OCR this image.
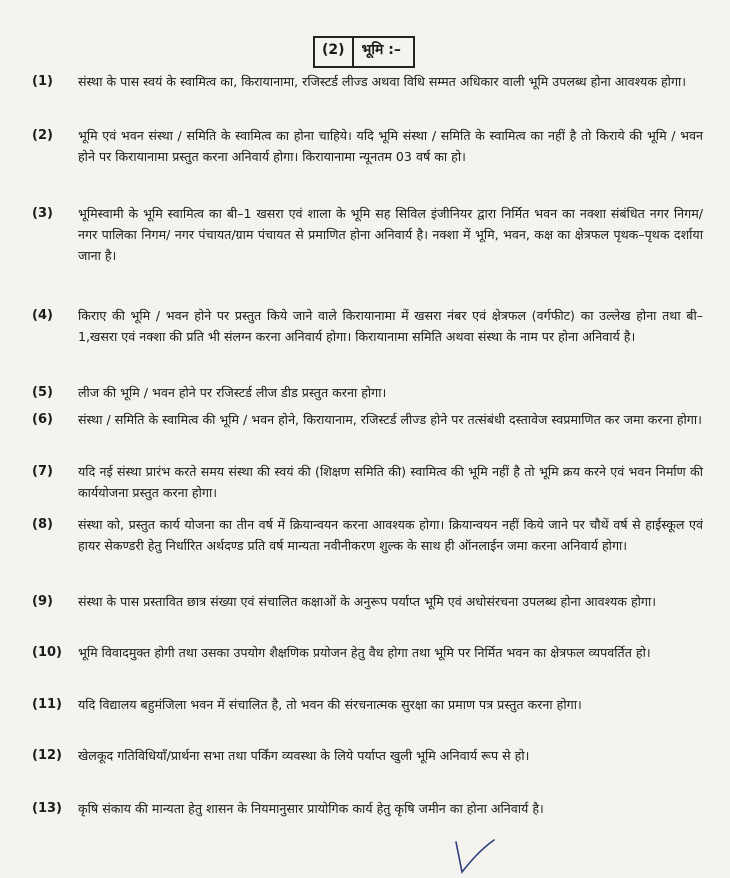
(2)	भूमि :–
(1)	संस्था के पास स्वयं के स्वामित्व का, किरायानामा, रजिस्टर्ड लीज्ड अथवा विधि सम्मत अधिकार वाली भूमि उपलब्ध होना आवश्यक होगा।
(2)	भूमि एवं भवन संस्था / समिति के स्वामित्व का होना चाहिये। यदि भूमि संस्था / समिति के स्वामित्व का नहीं है तो किराये की भूमि / भवन होने पर किरायानामा प्रस्तुत करना अनिवार्य होगा। किरायानामा न्यूनतम 03 वर्ष का हो।
(3)	भूमिस्वामी के भूमि स्वामित्व का बी–1 खसरा एवं शाला के भूमि सह सिविल इंजीनियर द्वारा निर्मित भवन का नक्शा संबंधित नगर निगम/ नगर पालिका निगम/ नगर पंचायत/ग्राम पंचायत से प्रमाणित होना अनिवार्य है। नक्शा में भूमि, भवन, कक्ष का क्षेत्रफल पृथक–पृथक दर्शाया जाना है।
(4)	किराए की भूमि / भवन होने पर प्रस्तुत किये जाने वाले किरायानामा में खसरा नंबर एवं क्षेत्रफल (वर्गफीट) का उल्लेख होना तथा बी–1,खसरा एवं नक्शा की प्रति भी संलग्न करना अनिवार्य होगा। किरायानामा समिति अथवा संस्था के नाम पर होना अनिवार्य है।
(5)	लीज की भूमि / भवन होने पर रजिस्टर्ड लीज डीड प्रस्तुत करना होगा।
(6)	संस्था / समिति के स्वामित्व की भूमि / भवन होने, किरायानाम, रजिस्टर्ड लीज्ड होने पर तत्संबंधी दस्तावेज स्वप्रमाणित कर जमा करना होगा।
(7)	यदि नई संस्था प्रारंभ करते समय संस्था की स्वयं की (शिक्षण समिति की) स्वामित्व की भूमि नहीं है तो भूमि क्रय करने एवं भवन निर्माण की कार्ययोजना प्रस्तुत करना होगा।
(8)	संस्था को, प्रस्तुत कार्य योजना का तीन वर्ष में क्रियान्वयन करना आवश्यक होगा। क्रियान्वयन नहीं किये जाने पर चौथें वर्ष से हाईस्कूल एवं हायर सेकण्डरी हेतु निर्धारित अर्थदण्ड प्रति वर्ष मान्यता नवीनीकरण शुल्क के साथ ही ऑनलाईन जमा करना अनिवार्य होगा।
(9)	संस्था के पास प्रस्तावित छात्र संख्या एवं संचालित कक्षाओं के अनुरूप पर्याप्त भूमि एवं अधोसंरचना उपलब्ध होना आवश्यक होगा।
(10)	भूमि विवादमुक्त होगी तथा उसका उपयोग शैक्षणिक प्रयोजन हेतु वैध होगा तथा भूमि पर निर्मित भवन का क्षेत्रफल व्यपवर्तित हो।
(11)	यदि विद्यालय बहुमंजिला भवन में संचालित है, तो भवन की संरचनात्मक सुरक्षा का प्रमाण पत्र प्रस्तुत करना होगा।
(12)	खेलकूद गतिविधियाँ/प्रार्थना सभा तथा पर्किंग व्यवस्था के लिये पर्याप्त खुली भूमि अनिवार्य रूप से हो।
(13)	कृषि संकाय की मान्यता हेतु शासन के नियमानुसार प्रायोगिक कार्य हेतु कृषि जमीन का होना अनिवार्य है।
